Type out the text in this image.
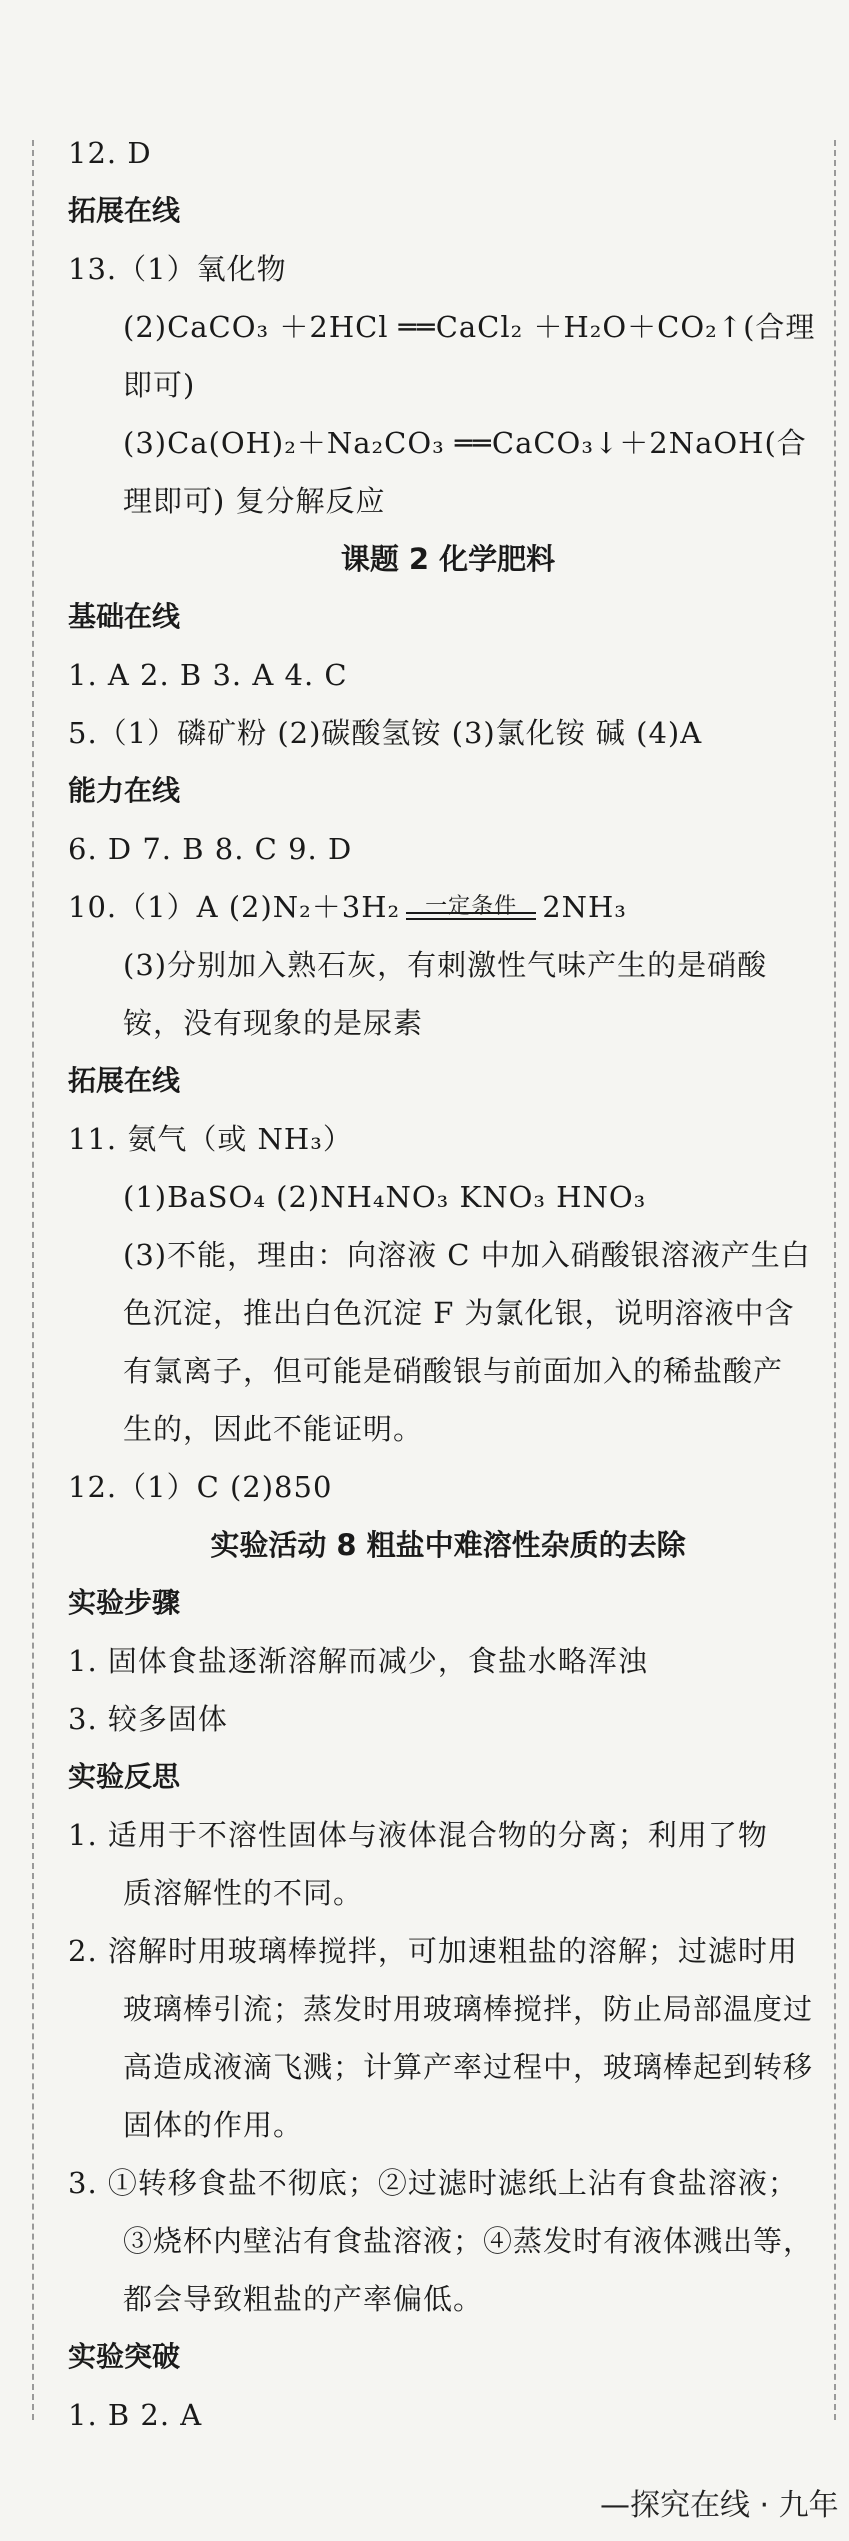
12. D
拓展在线
13.（1）氧化物
(2)CaCO₃ ＋2HCl ══CaCl₂ ＋H₂O＋CO₂↑(合理
即可)
(3)Ca(OH)₂＋Na₂CO₃ ══CaCO₃↓＋2NaOH(合
理即可) 复分解反应
课题 2 化学肥料
基础在线
1. A 2. B 3. A 4. C
5.（1）磷矿粉 (2)碳酸氢铵 (3)氯化铵 碱 (4)A
能力在线
6. D 7. B 8. C 9. D
10.（1）A (2)N₂＋3H₂	一定条件 2NH₃
(3)分别加入熟石灰，有刺激性气味产生的是硝酸
铵，没有现象的是尿素
拓展在线
11. 氨气（或 NH₃）
(1)BaSO₄ (2)NH₄NO₃ KNO₃ HNO₃
(3)不能，理由：向溶液 C 中加入硝酸银溶液产生白
色沉淀，推出白色沉淀 F 为氯化银，说明溶液中含
有氯离子，但可能是硝酸银与前面加入的稀盐酸产
生的，因此不能证明。
12.（1）C (2)850
实验活动 8 粗盐中难溶性杂质的去除
实验步骤
1. 固体食盐逐渐溶解而减少，食盐水略浑浊
3. 较多固体
实验反思
1. 适用于不溶性固体与液体混合物的分离；利用了物
质溶解性的不同。
2. 溶解时用玻璃棒搅拌，可加速粗盐的溶解；过滤时用
玻璃棒引流；蒸发时用玻璃棒搅拌，防止局部温度过
高造成液滴飞溅；计算产率过程中，玻璃棒起到转移
固体的作用。
3. ①转移食盐不彻底；②过滤时滤纸上沾有食盐溶液；
③烧杯内壁沾有食盐溶液；④蒸发时有液体溅出等，
都会导致粗盐的产率偏低。
实验突破
1. B 2. A
—探究在线 · 九年
